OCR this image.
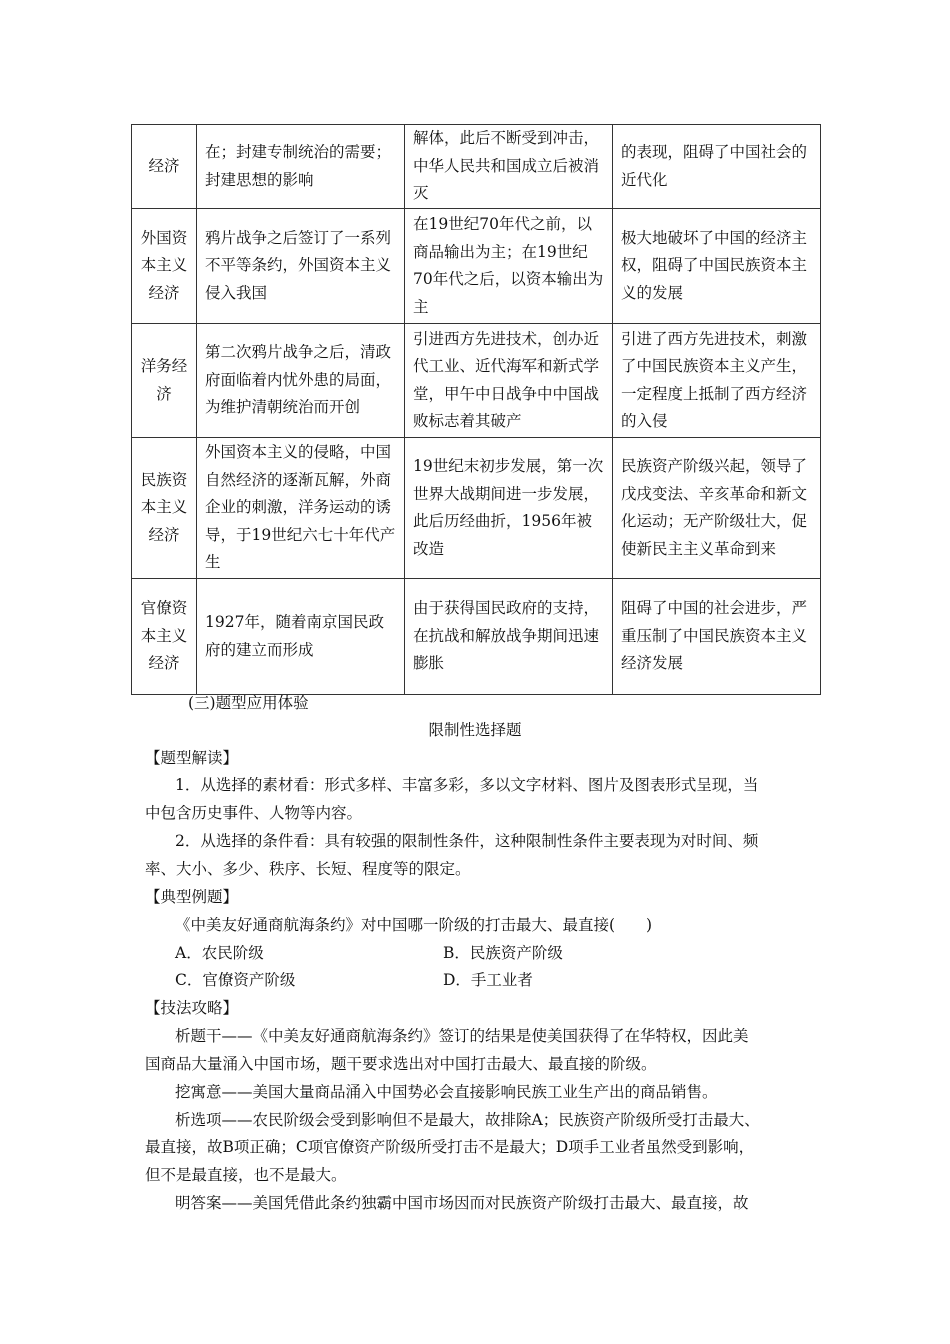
经济	在；封建专制统治的需要；封建思想的影响	解体，此后不断受到冲击，中华人民共和国成立后被消灭	的表现，阻碍了中国社会的近代化
外国资本主义经济	鸦片战争之后签订了一系列不平等条约，外国资本主义侵入我国	在19世纪70年代之前，以商品输出为主；在19世纪70年代之后，以资本输出为主	极大地破坏了中国的经济主权，阻碍了中国民族资本主义的发展
洋务经济	第二次鸦片战争之后，清政府面临着内忧外患的局面，为维护清朝统治而开创	引进西方先进技术，创办近代工业、近代海军和新式学堂，甲午中日战争中中国战败标志着其破产	引进了西方先进技术，刺激了中国民族资本主义产生，一定程度上抵制了西方经济的入侵
民族资本主义经济	外国资本主义的侵略，中国自然经济的逐渐瓦解，外商企业的刺激，洋务运动的诱导，于19世纪六七十年代产生	19世纪末初步发展，第一次世界大战期间进一步发展，此后历经曲折，1956年被改造	民族资产阶级兴起，领导了戊戌变法、辛亥革命和新文化运动；无产阶级壮大，促使新民主主义革命到来
官僚资本主义经济	1927年，随着南京国民政府的建立而形成	由于获得国民政府的支持，在抗战和解放战争期间迅速膨胀	阻碍了中国的社会进步，严重压制了中国民族资本主义经济发展
(三)题型应用体验
限制性选择题
【题型解读】
1．从选择的素材看：形式多样、丰富多彩，多以文字材料、图片及图表形式呈现，当
中包含历史事件、人物等内容。
2．从选择的条件看：具有较强的限制性条件，这种限制性条件主要表现为对时间、频
率、大小、多少、秩序、长短、程度等的限定。
【典型例题】
《中美友好通商航海条约》对中国哪一阶级的打击最大、最直接(　　)
A．农民阶级	B．民族资产阶级
C．官僚资产阶级	D．手工业者
【技法攻略】
析题干——《中美友好通商航海条约》签订的结果是使美国获得了在华特权，因此美
国商品大量涌入中国市场，题干要求选出对中国打击最大、最直接的阶级。
挖寓意——美国大量商品涌入中国势必会直接影响民族工业生产出的商品销售。
析选项——农民阶级会受到影响但不是最大，故排除A；民族资产阶级所受打击最大、
最直接，故B项正确；C项官僚资产阶级所受打击不是最大；D项手工业者虽然受到影响，
但不是最直接，也不是最大。
明答案——美国凭借此条约独霸中国市场因而对民族资产阶级打击最大、最直接，故
